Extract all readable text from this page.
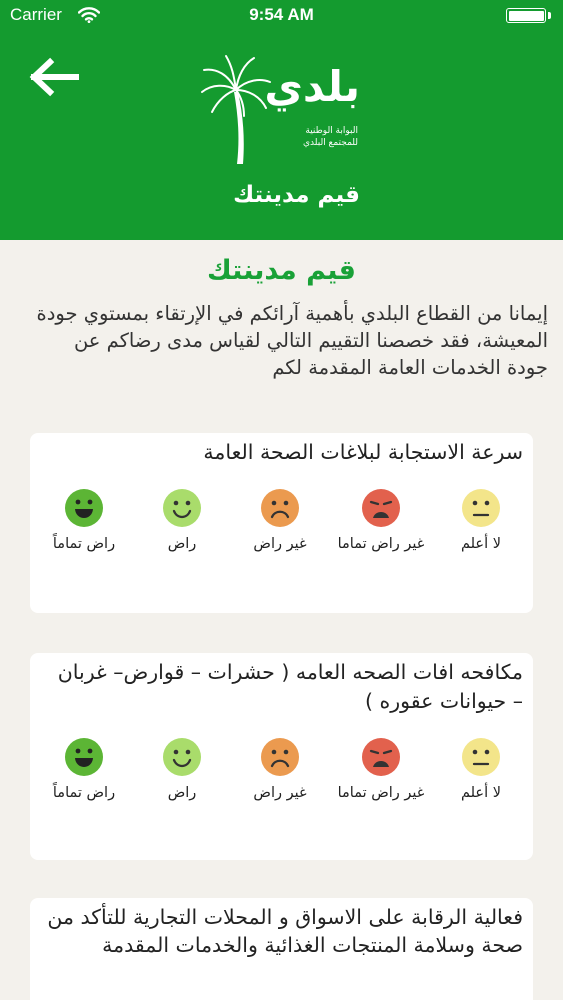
Carrier	9:54 AM
بلدي
البوابة الوطنية
للمجتمع البلدي
قيم مدينتك
قيم مدينتك
إيمانا من القطاع البلدي بأهمية آرائكم في الإرتقاء بمستوي جودة المعيشة، فقد خصصنا التقييم التالي لقياس مدى رضاكم عن جودة الخدمات العامة المقدمة لكم
سرعة الاستجابة لبلاغات الصحة العامة
لا أعلم
غير راض تماما
غير راض
راض
راض تماماً
مكافحه افات الصحه العامه ( حشرات – قوارض– غربان – حيوانات عقوره )
لا أعلم
غير راض تماما
غير راض
راض
راض تماماً
فعالية الرقابة على الاسواق و المحلات التجارية للتأكد من صحة وسلامة المنتجات الغذائية والخدمات المقدمة
